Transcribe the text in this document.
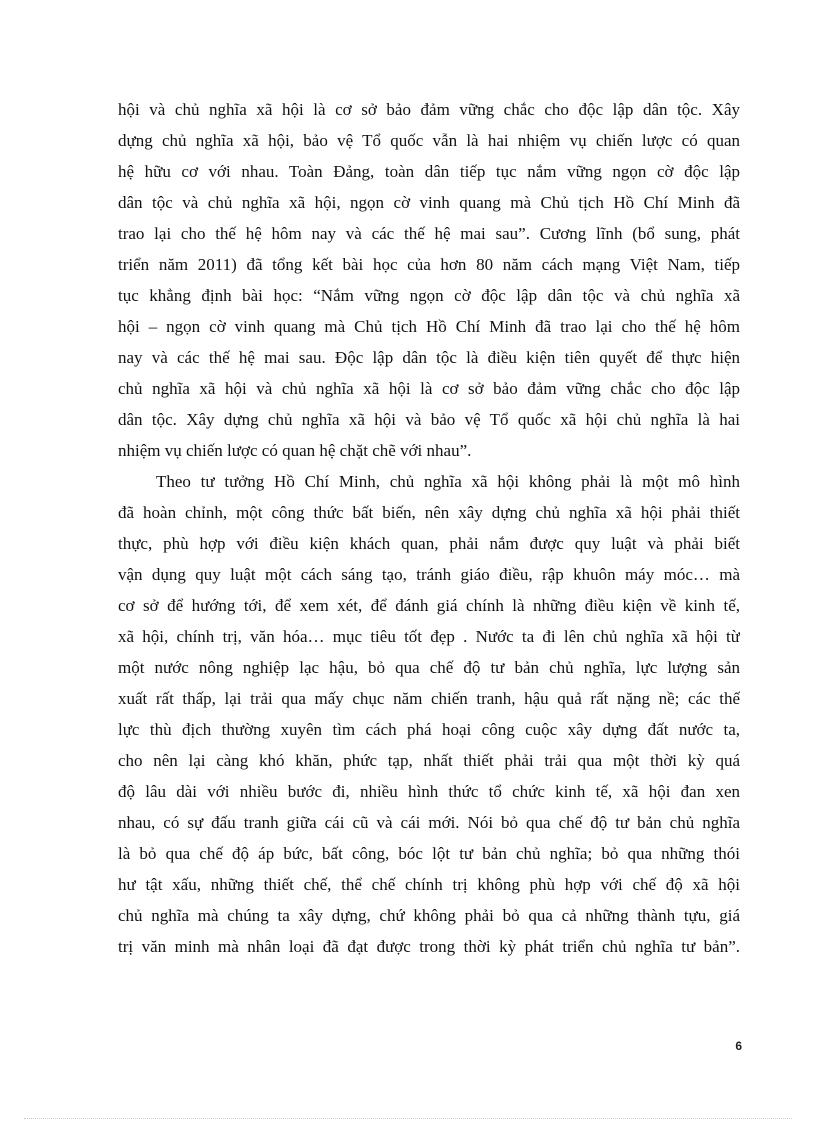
hội và chủ nghĩa xã hội là cơ sở bảo đảm vững chắc cho độc lập dân tộc. Xây
dựng chủ nghĩa xã hội, bảo vệ Tổ quốc vẫn là hai nhiệm vụ chiến lược có quan
hệ hữu cơ với nhau. Toàn Đảng, toàn dân tiếp tục nắm vững ngọn cờ độc lập
dân tộc và chủ nghĩa xã hội, ngọn cờ vinh quang mà Chủ tịch Hồ Chí Minh đã
trao lại cho thế hệ hôm nay và các thế hệ mai sau”. Cương lĩnh (bổ sung, phát
triển năm 2011) đã tổng kết bài học của hơn 80 năm cách mạng Việt Nam, tiếp
tục khẳng định bài học: “Nắm vững ngọn cờ độc lập dân tộc và chủ nghĩa xã
hội – ngọn cờ vinh quang mà Chủ tịch Hồ Chí Minh đã trao lại cho thế hệ hôm
nay và các thế hệ mai sau. Độc lập dân tộc là điều kiện tiên quyết để thực hiện
chủ nghĩa xã hội và chủ nghĩa xã hội là cơ sở bảo đảm vững chắc cho độc lập
dân tộc. Xây dựng chủ nghĩa xã hội và bảo vệ Tổ quốc xã hội chủ nghĩa là hai
nhiệm vụ chiến lược có quan hệ chặt chẽ với nhau”.
Theo tư tưởng Hồ Chí Minh, chủ nghĩa xã hội không phải là một mô hình
đã hoàn chỉnh, một công thức bất biến, nên xây dựng chủ nghĩa xã hội phải thiết
thực, phù hợp với điều kiện khách quan, phải nắm được quy luật và phải biết
vận dụng quy luật một cách sáng tạo, tránh giáo điều, rập khuôn máy móc… mà
cơ sở để hướng tới, để xem xét, để đánh giá chính là những điều kiện về kinh tế,
xã hội, chính trị, văn hóa… mục tiêu tốt đẹp . Nước ta đi lên chủ nghĩa xã hội từ
một nước nông nghiệp lạc hậu, bỏ qua chế độ tư bản chủ nghĩa, lực lượng sản
xuất rất thấp, lại trải qua mấy chục năm chiến tranh, hậu quả rất nặng nề; các thế
lực thù địch thường xuyên tìm cách phá hoại công cuộc xây dựng đất nước ta,
cho nên lại càng khó khăn, phức tạp, nhất thiết phải trải qua một thời kỳ quá
độ lâu dài với nhiều bước đi, nhiều hình thức tổ chức kinh tế, xã hội đan xen
nhau, có sự đấu tranh giữa cái cũ và cái mới. Nói bỏ qua chế độ tư bản chủ nghĩa
là bỏ qua chế độ áp bức, bất công, bóc lột tư bản chủ nghĩa; bỏ qua những thói
hư tật xấu, những thiết chế, thể chế chính trị không phù hợp với chế độ xã hội
chủ nghĩa mà chúng ta xây dựng, chứ không phải bỏ qua cả những thành tựu, giá
trị văn minh mà nhân loại đã đạt được trong thời kỳ phát triển chủ nghĩa tư bản”.
6
